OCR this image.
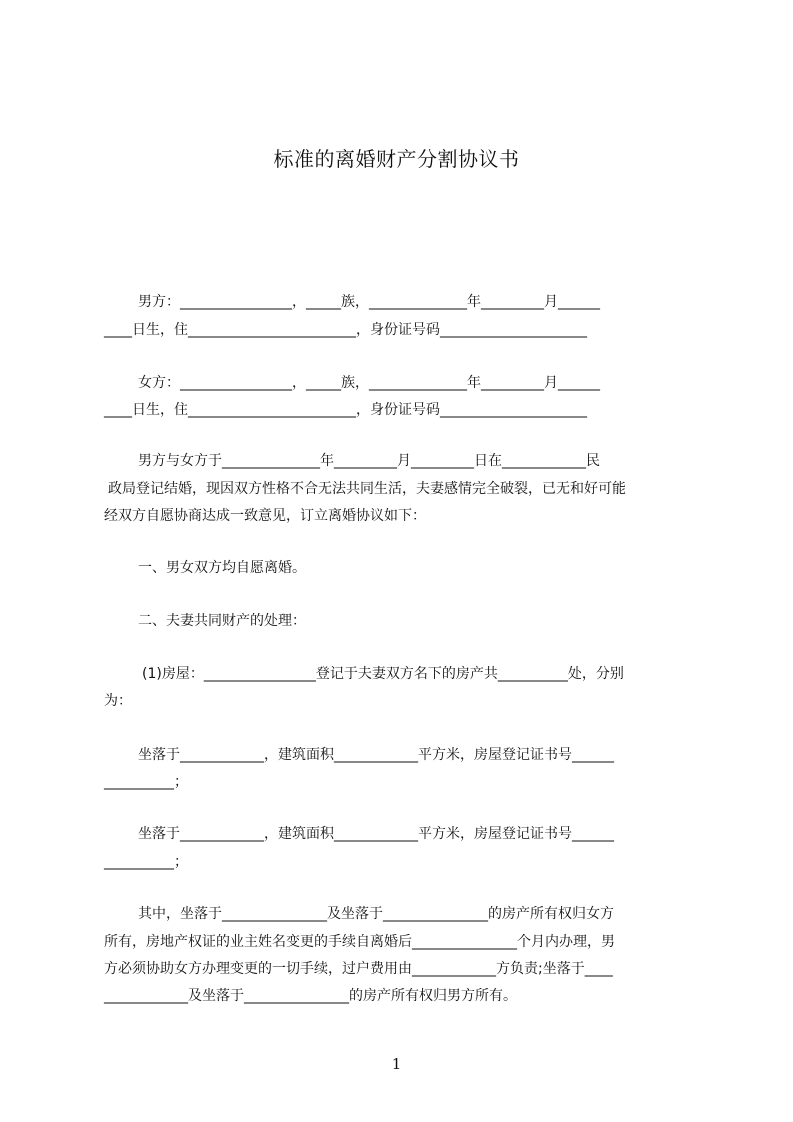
标准的离婚财产分割协议书
男方：________________，_____族，______________年_________月______
____日生，住________________________，身份证号码_____________________
女方：________________，_____族，______________年_________月______
____日生，住________________________，身份证号码_____________________
男方与女方于______________年_________月_________日在____________民
政局登记结婚，现因双方性格不合无法共同生活，夫妻感情完全破裂，已无和好可能
经双方自愿协商达成一致意见，订立离婚协议如下：
一、男女双方均自愿离婚。
二、夫妻共同财产的处理：
(1)房屋：________________登记于夫妻双方名下的房产共__________处，分别
为：
坐落于____________，建筑面积____________平方米，房屋登记证书号______
__________；
坐落于____________，建筑面积____________平方米，房屋登记证书号______
__________；
其中，坐落于_______________及坐落于_______________的房产所有权归女方
所有，房地产权证的业主姓名变更的手续自离婚后_______________个月内办理，男
方必须协助女方办理变更的一切手续，过户费用由____________方负责;坐落于____
____________及坐落于_______________的房产所有权归男方所有。
1
